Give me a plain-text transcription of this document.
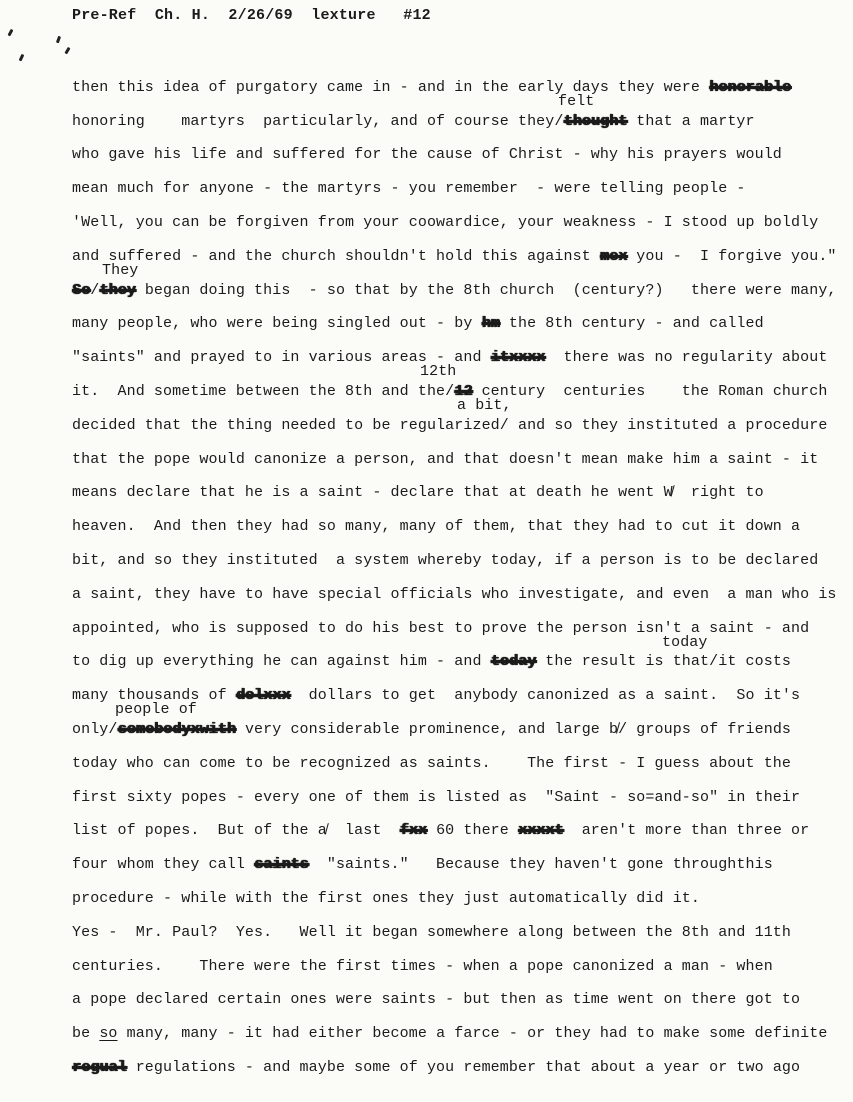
Pre-Ref  Ch. H.  2/26/69  lexture   #12
then this idea of purgatory came in - and in the early days they were honorable
felt
honoring    martyrs  particularly, and of course they/thought that a martyr
who gave his life and suffered for the cause of Christ - why his prayers would
mean much for anyone - the martyrs - you remember  - were telling people -
'Well, you can be forgiven from your coowardice, your weakness - I stood up boldly
and suffered - and the church shouldn't hold this against mex you -  I forgive you."
They
So/they began doing this  - so that by the 8th church  (century?)   there were many,
many people, who were being singled out - by hm the 8th century - and called
"saints" and prayed to in various areas - and itxxxx  there was no regularity about
12th
it.  And sometime between the 8th and the/12 century  centuries    the Roman church
a bit,
decided that the thing needed to be regularized/ and so they instituted a procedure
that the pope would canonize a person, and that doesn't mean make him a saint - it
means declare that he is a saint - declare that at death he went W̸  right to
heaven.  And then they had so many, many of them, that they had to cut it down a
bit, and so they instituted  a system whereby today, if a person is to be declared
a saint, they have to have special officials who investigate, and even  a man who is
appointed, who is supposed to do his best to prove the person isn't a saint - and
today
to dig up everything he can against him - and today the result is that/it costs
many thousands of dolxxx  dollars to get  anybody canonized as a saint.  So it's
people of
only/somebodyxwith very considerable prominence, and large b̸/ groups of friends
today who can come to be recognized as saints.    The first - I guess about the
first sixty popes - every one of them is listed as  "Saint - so=and-so" in their
list of popes.  But of the a̸  last  fxx 60 there xxxxt  aren't more than three or
four whom they call saints  "saints."   Because they haven't gone throughthis
procedure - while with the first ones they just automatically did it.
Yes -  Mr. Paul?  Yes.   Well it began somewhere along between the 8th and 11th
centuries.    There were the first times - when a pope canonized a man - when
a pope declared certain ones were saints - but then as time went on there got to
be so many, many - it had either become a farce - or they had to make some definite
regual regulations - and maybe some of you remember that about a year or two ago
